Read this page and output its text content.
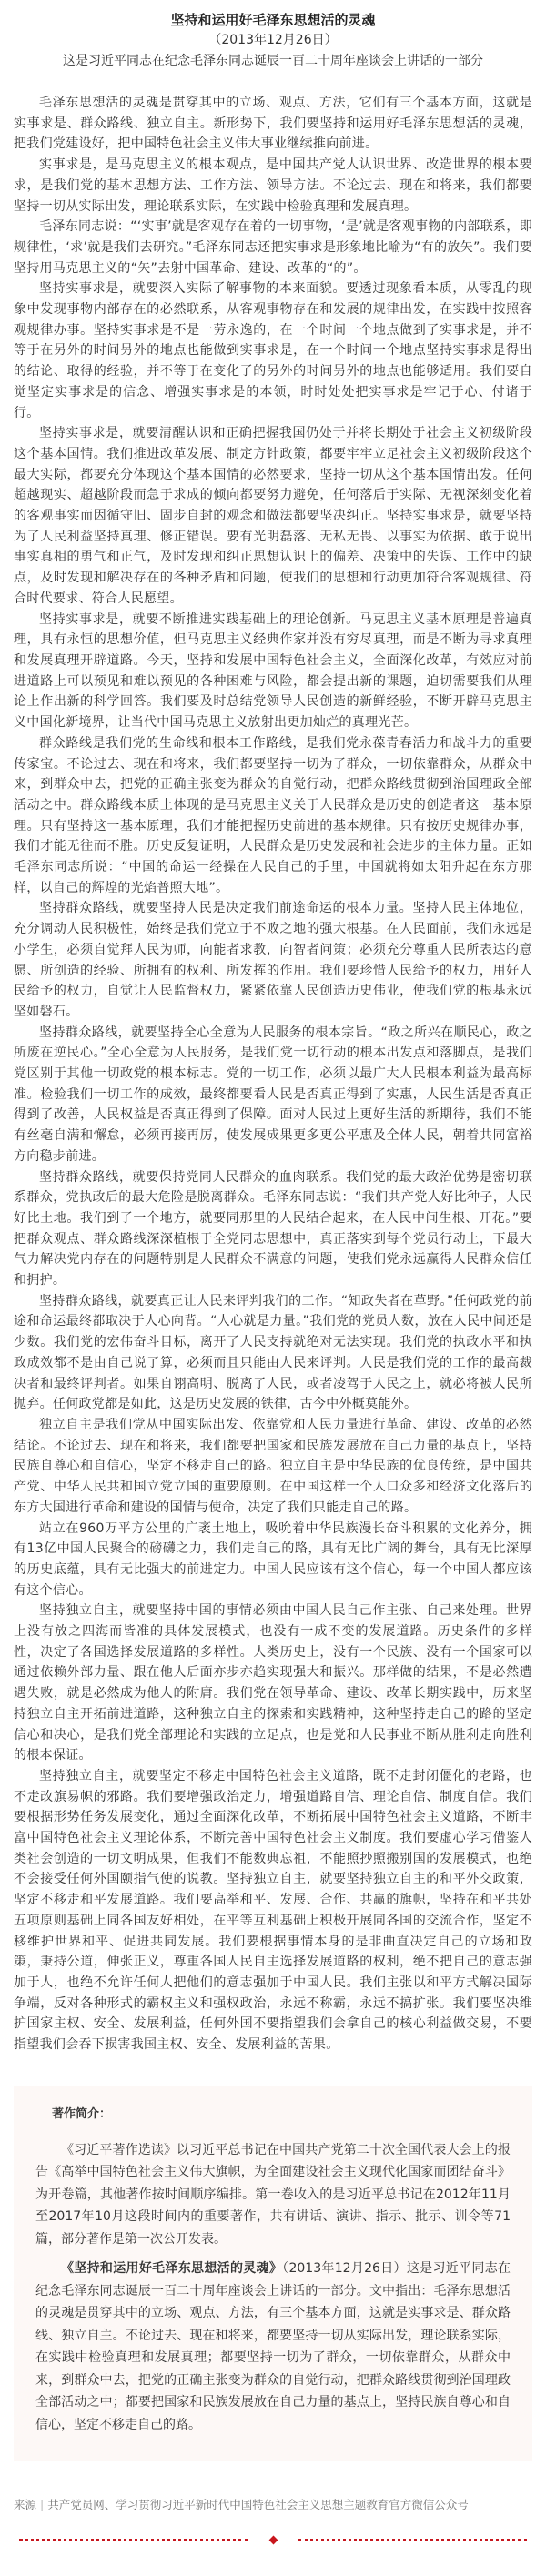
坚持和运用好毛泽东思想活的灵魂

（2013年12月26日）

这是习近平同志在纪念毛泽东同志诞辰一百二十周年座谈会上讲话的一部分

毛泽东思想活的灵魂是贯穿其中的立场、观点、方法，它们有三个基本方面，这就是实事求是、群众路线、独立自主。新形势下，我们要坚持和运用好毛泽东思想活的灵魂，把我们党建设好，把中国特色社会主义伟大事业继续推向前进。

实事求是，是马克思主义的根本观点，是中国共产党人认识世界、改造世界的根本要求，是我们党的基本思想方法、工作方法、领导方法。不论过去、现在和将来，我们都要坚持一切从实际出发，理论联系实际，在实践中检验真理和发展真理。

毛泽东同志说：“‘实事’就是客观存在着的一切事物，‘是’就是客观事物的内部联系，即规律性，‘求’就是我们去研究。”毛泽东同志还把实事求是形象地比喻为“有的放矢”。我们要坚持用马克思主义的“矢”去射中国革命、建设、改革的“的”。

坚持实事求是，就要深入实际了解事物的本来面貌。要透过现象看本质，从零乱的现象中发现事物内部存在的必然联系，从客观事物存在和发展的规律出发，在实践中按照客观规律办事。坚持实事求是不是一劳永逸的，在一个时间一个地点做到了实事求是，并不等于在另外的时间另外的地点也能做到实事求是，在一个时间一个地点坚持实事求是得出的结论、取得的经验，并不等于在变化了的另外的时间另外的地点也能够适用。我们要自觉坚定实事求是的信念、增强实事求是的本领，时时处处把实事求是牢记于心、付诸于行。

坚持实事求是，就要清醒认识和正确把握我国仍处于并将长期处于社会主义初级阶段这个基本国情。我们推进改革发展、制定方针政策，都要牢牢立足社会主义初级阶段这个最大实际，都要充分体现这个基本国情的必然要求，坚持一切从这个基本国情出发。任何超越现实、超越阶段而急于求成的倾向都要努力避免，任何落后于实际、无视深刻变化着的客观事实而因循守旧、固步自封的观念和做法都要坚决纠正。坚持实事求是，就要坚持为了人民利益坚持真理、修正错误。要有光明磊落、无私无畏、以事实为依据、敢于说出事实真相的勇气和正气，及时发现和纠正思想认识上的偏差、决策中的失误、工作中的缺点，及时发现和解决存在的各种矛盾和问题，使我们的思想和行动更加符合客观规律、符合时代要求、符合人民愿望。

坚持实事求是，就要不断推进实践基础上的理论创新。马克思主义基本原理是普遍真理，具有永恒的思想价值，但马克思主义经典作家并没有穷尽真理，而是不断为寻求真理和发展真理开辟道路。今天，坚持和发展中国特色社会主义，全面深化改革，有效应对前进道路上可以预见和难以预见的各种困难与风险，都会提出新的课题，迫切需要我们从理论上作出新的科学回答。我们要及时总结党领导人民创造的新鲜经验，不断开辟马克思主义中国化新境界，让当代中国马克思主义放射出更加灿烂的真理光芒。

群众路线是我们党的生命线和根本工作路线，是我们党永葆青春活力和战斗力的重要传家宝。不论过去、现在和将来，我们都要坚持一切为了群众，一切依靠群众，从群众中来，到群众中去，把党的正确主张变为群众的自觉行动，把群众路线贯彻到治国理政全部活动之中。群众路线本质上体现的是马克思主义关于人民群众是历史的创造者这一基本原理。只有坚持这一基本原理，我们才能把握历史前进的基本规律。只有按历史规律办事，我们才能无往而不胜。历史反复证明，人民群众是历史发展和社会进步的主体力量。正如毛泽东同志所说：“中国的命运一经操在人民自己的手里，中国就将如太阳升起在东方那样，以自己的辉煌的光焰普照大地”。

坚持群众路线，就要坚持人民是决定我们前途命运的根本力量。坚持人民主体地位，充分调动人民积极性，始终是我们党立于不败之地的强大根基。在人民面前，我们永远是小学生，必须自觉拜人民为师，向能者求教，向智者问策；必须充分尊重人民所表达的意愿、所创造的经验、所拥有的权利、所发挥的作用。我们要珍惜人民给予的权力，用好人民给予的权力，自觉让人民监督权力，紧紧依靠人民创造历史伟业，使我们党的根基永远坚如磐石。

坚持群众路线，就要坚持全心全意为人民服务的根本宗旨。“政之所兴在顺民心，政之所废在逆民心。”全心全意为人民服务，是我们党一切行动的根本出发点和落脚点，是我们党区别于其他一切政党的根本标志。党的一切工作，必须以最广大人民根本利益为最高标准。检验我们一切工作的成效，最终都要看人民是否真正得到了实惠，人民生活是否真正得到了改善，人民权益是否真正得到了保障。面对人民过上更好生活的新期待，我们不能有丝毫自满和懈怠，必须再接再厉，使发展成果更多更公平惠及全体人民，朝着共同富裕方向稳步前进。

坚持群众路线，就要保持党同人民群众的血肉联系。我们党的最大政治优势是密切联系群众，党执政后的最大危险是脱离群众。毛泽东同志说：“我们共产党人好比种子，人民好比土地。我们到了一个地方，就要同那里的人民结合起来，在人民中间生根、开花。”要把群众观点、群众路线深深植根于全党同志思想中，真正落实到每个党员行动上，下最大气力解决党内存在的问题特别是人民群众不满意的问题，使我们党永远赢得人民群众信任和拥护。

坚持群众路线，就要真正让人民来评判我们的工作。“知政失者在草野。”任何政党的前途和命运最终都取决于人心向背。“人心就是力量。”我们党的党员人数，放在人民中间还是少数。我们党的宏伟奋斗目标，离开了人民支持就绝对无法实现。我们党的执政水平和执政成效都不是由自己说了算，必须而且只能由人民来评判。人民是我们党的工作的最高裁决者和最终评判者。如果自诩高明、脱离了人民，或者凌驾于人民之上，就必将被人民所抛弃。任何政党都是如此，这是历史发展的铁律，古今中外概莫能外。

独立自主是我们党从中国实际出发、依靠党和人民力量进行革命、建设、改革的必然结论。不论过去、现在和将来，我们都要把国家和民族发展放在自己力量的基点上，坚持民族自尊心和自信心，坚定不移走自己的路。独立自主是中华民族的优良传统，是中国共产党、中华人民共和国立党立国的重要原则。在中国这样一个人口众多和经济文化落后的东方大国进行革命和建设的国情与使命，决定了我们只能走自己的路。

站立在960万平方公里的广袤土地上，吸吮着中华民族漫长奋斗积累的文化养分，拥有13亿中国人民聚合的磅礴之力，我们走自己的路，具有无比广阔的舞台，具有无比深厚的历史底蕴，具有无比强大的前进定力。中国人民应该有这个信心，每一个中国人都应该有这个信心。

坚持独立自主，就要坚持中国的事情必须由中国人民自己作主张、自己来处理。世界上没有放之四海而皆准的具体发展模式，也没有一成不变的发展道路。历史条件的多样性，决定了各国选择发展道路的多样性。人类历史上，没有一个民族、没有一个国家可以通过依赖外部力量、跟在他人后面亦步亦趋实现强大和振兴。那样做的结果，不是必然遭遇失败，就是必然成为他人的附庸。我们党在领导革命、建设、改革长期实践中，历来坚持独立自主开拓前进道路，这种独立自主的探索和实践精神，这种坚持走自己的路的坚定信心和决心，是我们党全部理论和实践的立足点，也是党和人民事业不断从胜利走向胜利的根本保证。

坚持独立自主，就要坚定不移走中国特色社会主义道路，既不走封闭僵化的老路，也不走改旗易帜的邪路。我们要增强政治定力，增强道路自信、理论自信、制度自信。我们要根据形势任务发展变化，通过全面深化改革，不断拓展中国特色社会主义道路，不断丰富中国特色社会主义理论体系，不断完善中国特色社会主义制度。我们要虚心学习借鉴人类社会创造的一切文明成果，但我们不能数典忘祖，不能照抄照搬别国的发展模式，也绝不会接受任何外国颐指气使的说教。坚持独立自主，就要坚持独立自主的和平外交政策，坚定不移走和平发展道路。我们要高举和平、发展、合作、共赢的旗帜，坚持在和平共处五项原则基础上同各国友好相处，在平等互利基础上积极开展同各国的交流合作，坚定不移维护世界和平、促进共同发展。我们要根据事情本身的是非曲直决定自己的立场和政策，秉持公道，伸张正义，尊重各国人民自主选择发展道路的权利，绝不把自己的意志强加于人，也绝不允许任何人把他们的意志强加于中国人民。我们主张以和平方式解决国际争端，反对各种形式的霸权主义和强权政治，永远不称霸，永远不搞扩张。我们要坚决维护国家主权、安全、发展利益，任何外国不要指望我们会拿自己的核心利益做交易，不要指望我们会吞下损害我国主权、安全、发展利益的苦果。

著作简介：

《习近平著作选读》以习近平总书记在中国共产党第二十次全国代表大会上的报告《高举中国特色社会主义伟大旗帜，为全面建设社会主义现代化国家而团结奋斗》为开卷篇，其他著作按时间顺序编排。第一卷收入的是习近平总书记在2012年11月至2017年10月这段时间内的重要著作，共有讲话、演讲、指示、批示、训令等71篇，部分著作是第一次公开发表。

《坚持和运用好毛泽东思想活的灵魂》（2013年12月26日）这是习近平同志在纪念毛泽东同志诞辰一百二十周年座谈会上讲话的一部分。文中指出：毛泽东思想活的灵魂是贯穿其中的立场、观点、方法，有三个基本方面，这就是实事求是、群众路线、独立自主。不论过去、现在和将来，都要坚持一切从实际出发，理论联系实际，在实践中检验真理和发展真理；都要坚持一切为了群众，一切依靠群众，从群众中来，到群众中去，把党的正确主张变为群众的自觉行动，把群众路线贯彻到治国理政全部活动之中；都要把国家和民族发展放在自己力量的基点上，坚持民族自尊心和自信心，坚定不移走自己的路。

来源 | 共产党员网、学习贯彻习近平新时代中国特色社会主义思想主题教育官方微信公众号
